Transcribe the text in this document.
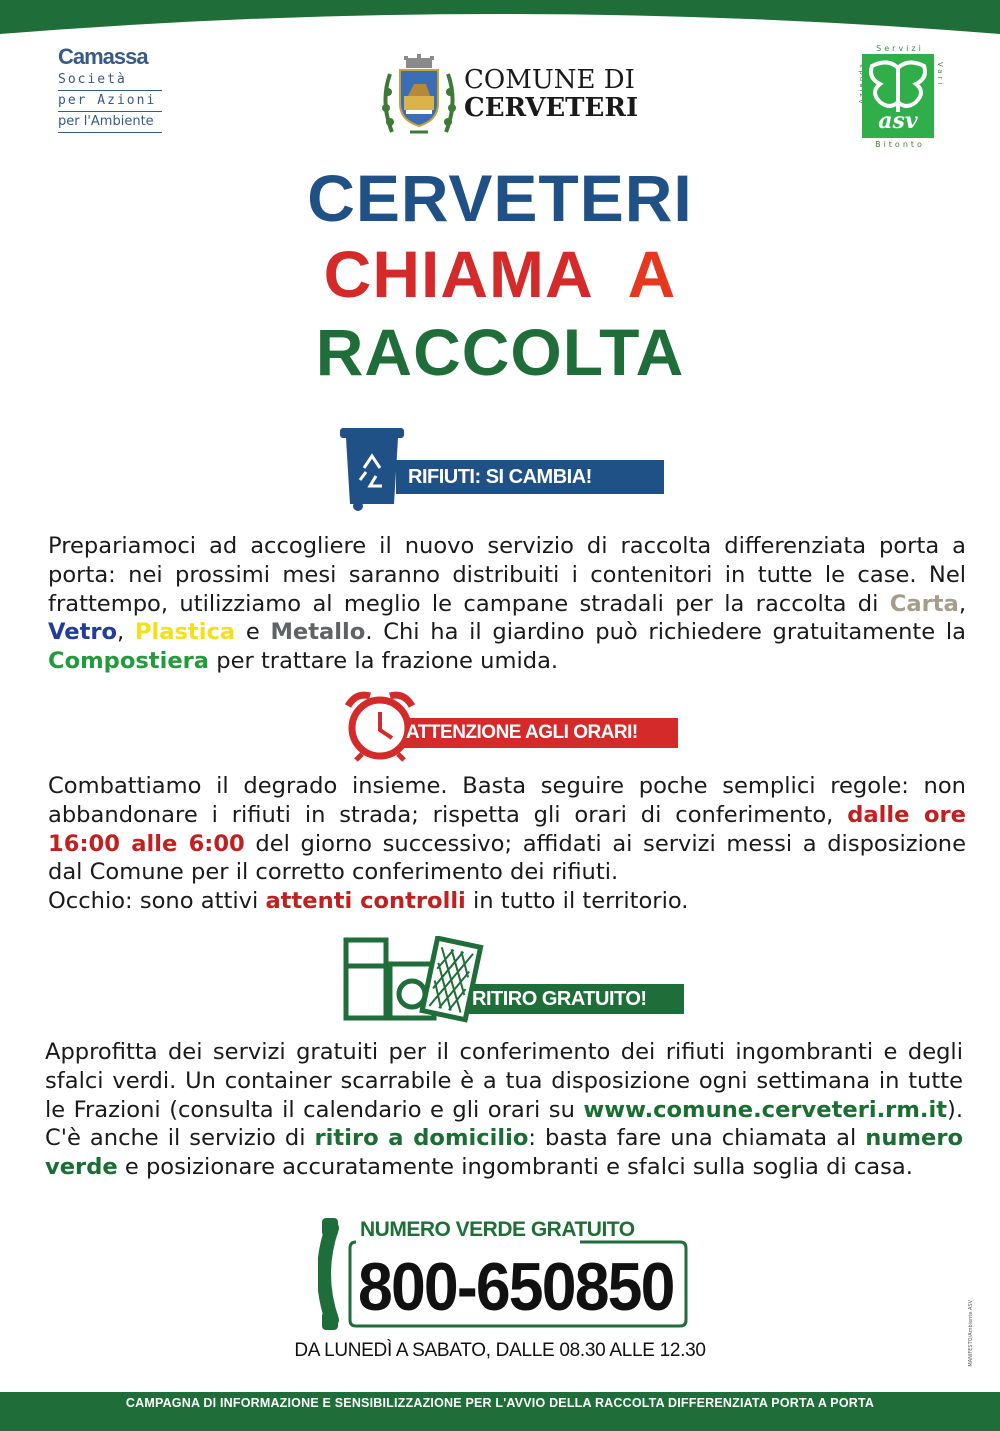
Camassa
Società
per Azioni
per l'Ambiente
COMUNE DI
CERVETERI
Servizi
Vari
asv
Bitonto
CERVETERI
CHIAMA A
RACCOLTA
RIFIUTI: SI CAMBIA!
Prepariamoci ad accogliere il nuovo servizio di raccolta differenziata porta a porta: nei prossimi mesi saranno distribuiti i contenitori in tutte le case. Nel frattempo, utilizziamo al meglio le campane stradali per la raccolta di Carta, Vetro, Plastica e Metallo. Chi ha il giardino può richiedere gratuitamente la Compostiera per trattare la frazione umida.
ATTENZIONE AGLI ORARI!
Combattiamo il degrado insieme. Basta seguire poche semplici regole: non abbandonare i rifiuti in strada; rispetta gli orari di conferimento, dalle ore 16:00 alle 6:00 del giorno successivo; affidati ai servizi messi a disposizione dal Comune per il corretto conferimento dei rifiuti.
Occhio: sono attivi attenti controlli in tutto il territorio.
RITIRO GRATUITO!
Approfitta dei servizi gratuiti per il conferimento dei rifiuti ingombranti e degli sfalci verdi. Un container scarrabile è a tua disposizione ogni settimana in tutte le Frazioni (consulta il calendario e gli orari su www.comune.cerveteri.rm.it). C'è anche il servizio di ritiro a domicilio: basta fare una chiamata al numero verde e posizionare accuratamente ingombranti e sfalci sulla soglia di casa.
NUMERO VERDE GRATUITO
800-650850
DA LUNEDÌ A SABATO, DALLE 08.30 ALLE 12.30	MANIFESTO/Ambiente ASV
CAMPAGNA DI INFORMAZIONE E SENSIBILIZZAZIONE PER L'AVVIO DELLA RACCOLTA DIFFERENZIATA PORTA A PORTA
